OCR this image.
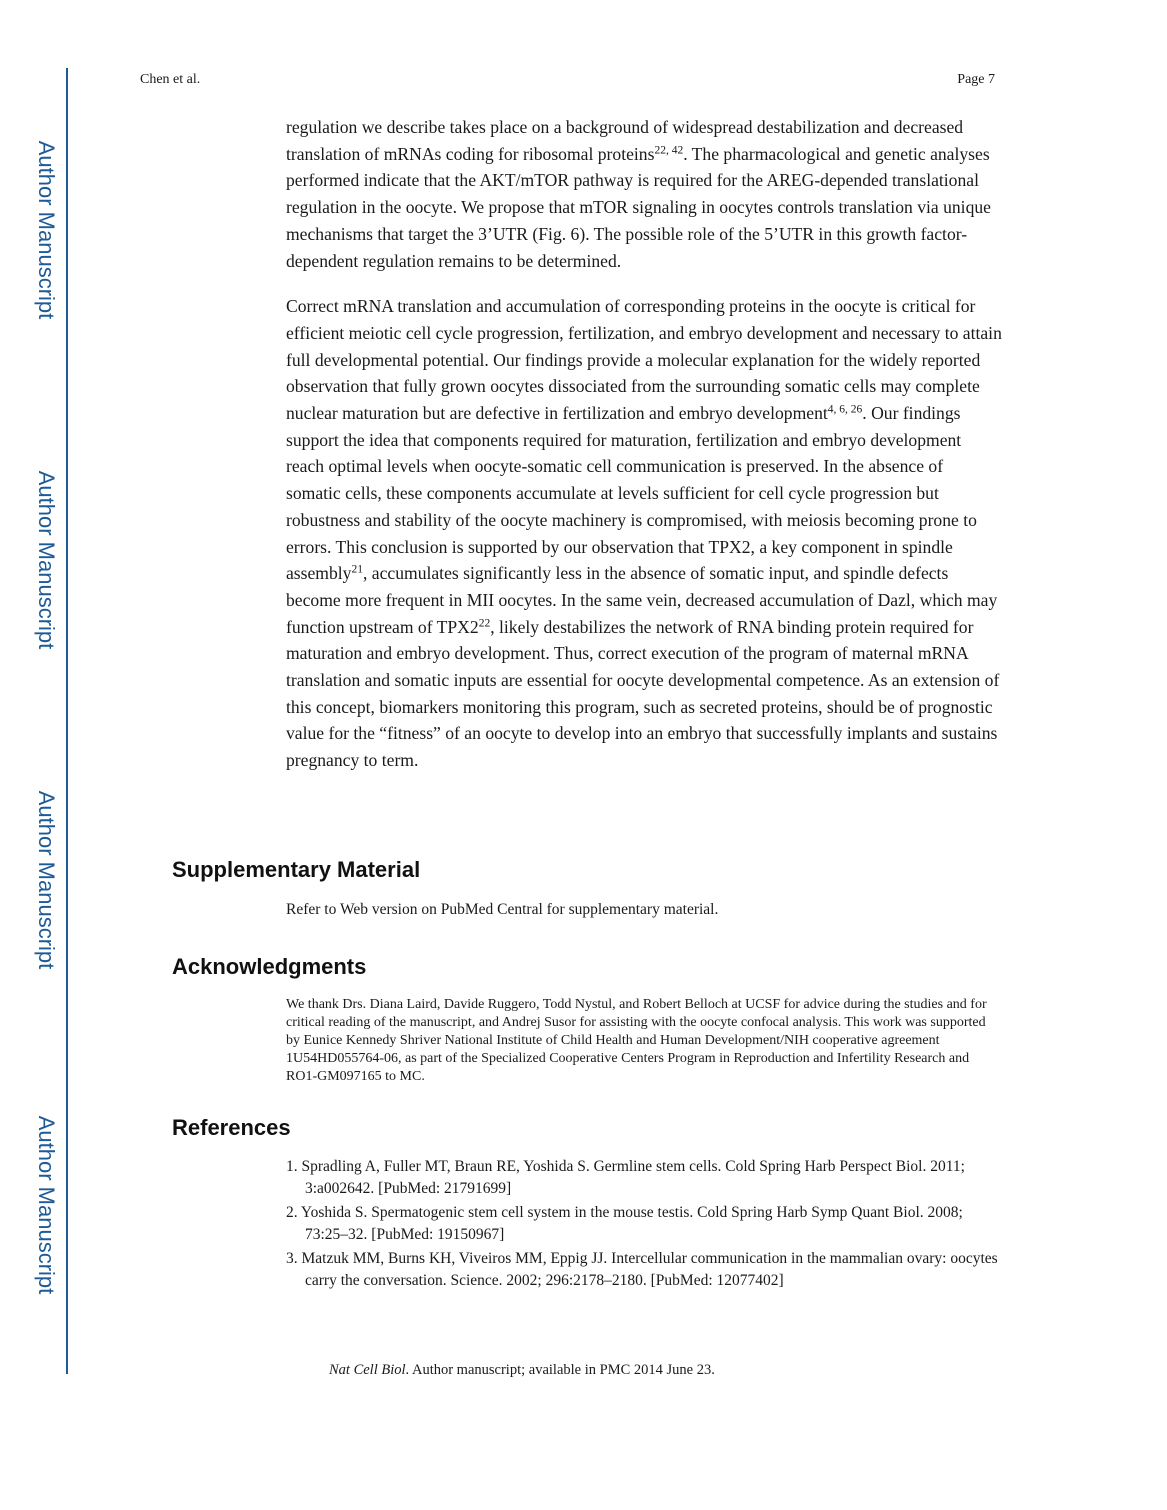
Author Manuscript
Author Manuscript
Author Manuscript
Author Manuscript
Chen et al.	Page 7

regulation we describe takes place on a background of widespread destabilization and decreased translation of mRNAs coding for ribosomal proteins$^{22, 42}$. The pharmacological and genetic analyses performed indicate that the AKT/mTOR pathway is required for the AREG-depended translational regulation in the oocyte. We propose that mTOR signaling in oocytes controls translation via unique mechanisms that target the 3’UTR (Fig. 6). The possible role of the 5’UTR in this growth factor-dependent regulation remains to be determined.

Correct mRNA translation and accumulation of corresponding proteins in the oocyte is critical for efficient meiotic cell cycle progression, fertilization, and embryo development and necessary to attain full developmental potential. Our findings provide a molecular explanation for the widely reported observation that fully grown oocytes dissociated from the surrounding somatic cells may complete nuclear maturation but are defective in fertilization and embryo development$^{4, 6, 26}$. Our findings support the idea that components required for maturation, fertilization and embryo development reach optimal levels when oocyte-somatic cell communication is preserved. In the absence of somatic cells, these components accumulate at levels sufficient for cell cycle progression but robustness and stability of the oocyte machinery is compromised, with meiosis becoming prone to errors. This conclusion is supported by our observation that TPX2, a key component in spindle assembly$^{21}$, accumulates significantly less in the absence of somatic input, and spindle defects become more frequent in MII oocytes. In the same vein, decreased accumulation of Dazl, which may function upstream of $TPX2^{22}$, likely destabilizes the network of RNA binding protein required for maturation and embryo development. Thus, correct execution of the program of maternal mRNA translation and somatic inputs are essential for oocyte developmental competence. As an extension of this concept, biomarkers monitoring this program, such as secreted proteins, should be of prognostic value for the “fitness” of an oocyte to develop into an embryo that successfully implants and sustains pregnancy to term.

Supplementary Material
Refer to Web version on PubMed Central for supplementary material.
Acknowledgments
We thank Drs. Diana Laird, Davide Ruggero, Todd Nystul, and Robert Belloch at UCSF for advice during the studies and for critical reading of the manuscript, and Andrej Susor for assisting with the oocyte confocal analysis. This work was supported by Eunice Kennedy Shriver National Institute of Child Health and Human Development/NIH cooperative agreement 1U54HD055764-06, as part of the Specialized Cooperative Centers Program in Reproduction and Infertility Research and RO1-GM097165 to MC.
References
1. Spradling A, Fuller MT, Braun RE, Yoshida S. Germline stem cells. Cold Spring Harb Perspect Biol. 2011; 3:a002642. [PubMed: 21791699]
2. Yoshida S. Spermatogenic stem cell system in the mouse testis. Cold Spring Harb Symp Quant Biol. 2008; 73:25–32. [PubMed: 19150967]
3. Matzuk MM, Burns KH, Viveiros MM, Eppig JJ. Intercellular communication in the mammalian ovary: oocytes carry the conversation. Science. 2002; 296:2178–2180. [PubMed: 12077402]
Nat Cell Biol. Author manuscript; available in PMC 2014 June 23.
